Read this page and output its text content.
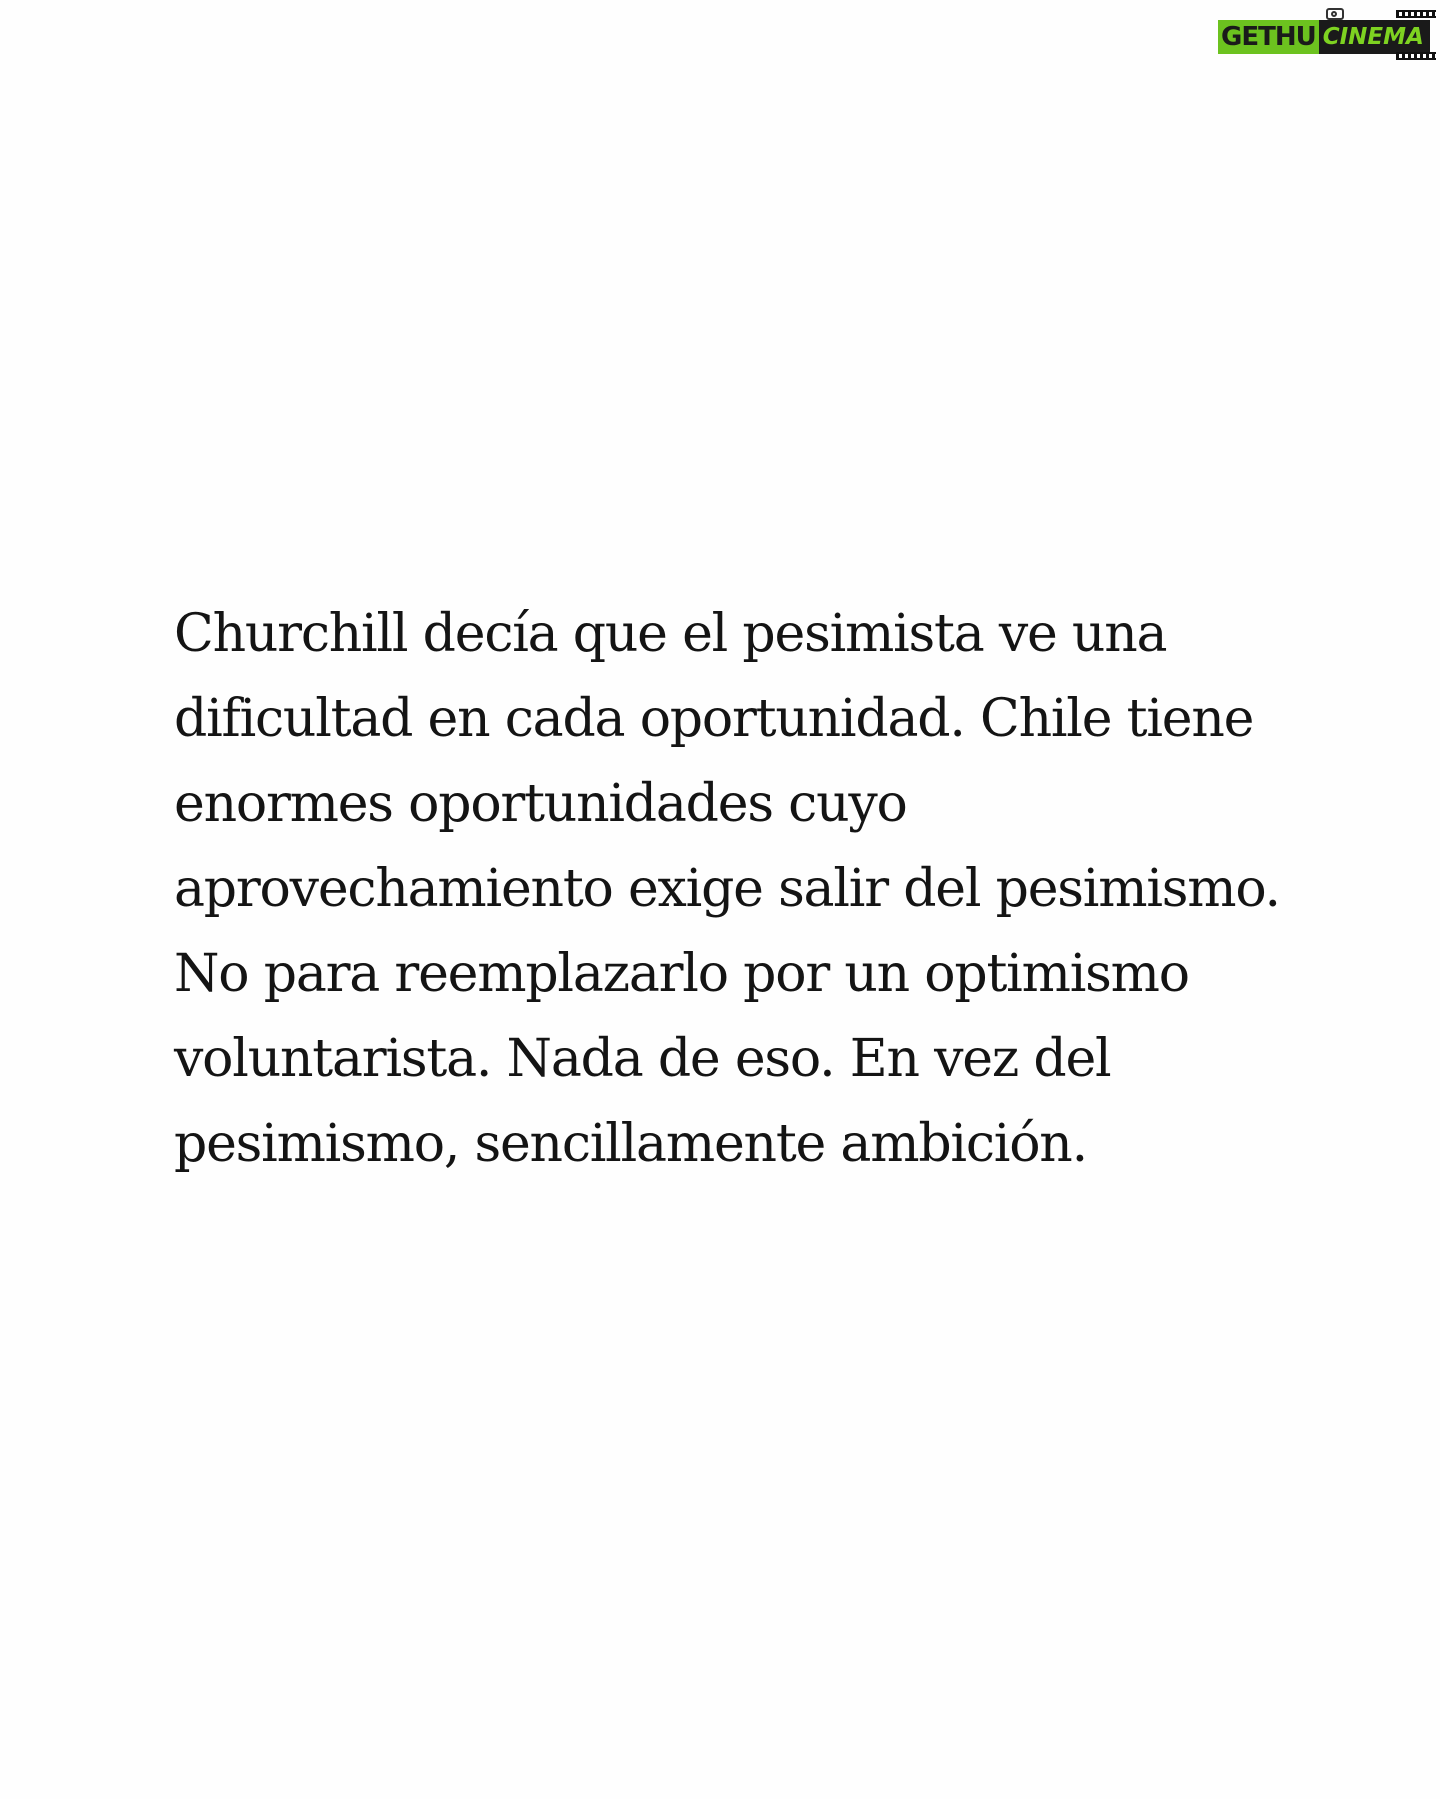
GETHU CINEMA

Churchill decía que el pesimista ve una
dificultad en cada oportunidad. Chile tiene
enormes oportunidades cuyo
aprovechamiento exige salir del pesimismo.
No para reemplazarlo por un optimismo
voluntarista. Nada de eso. En vez del
pesimismo, sencillamente ambición.
